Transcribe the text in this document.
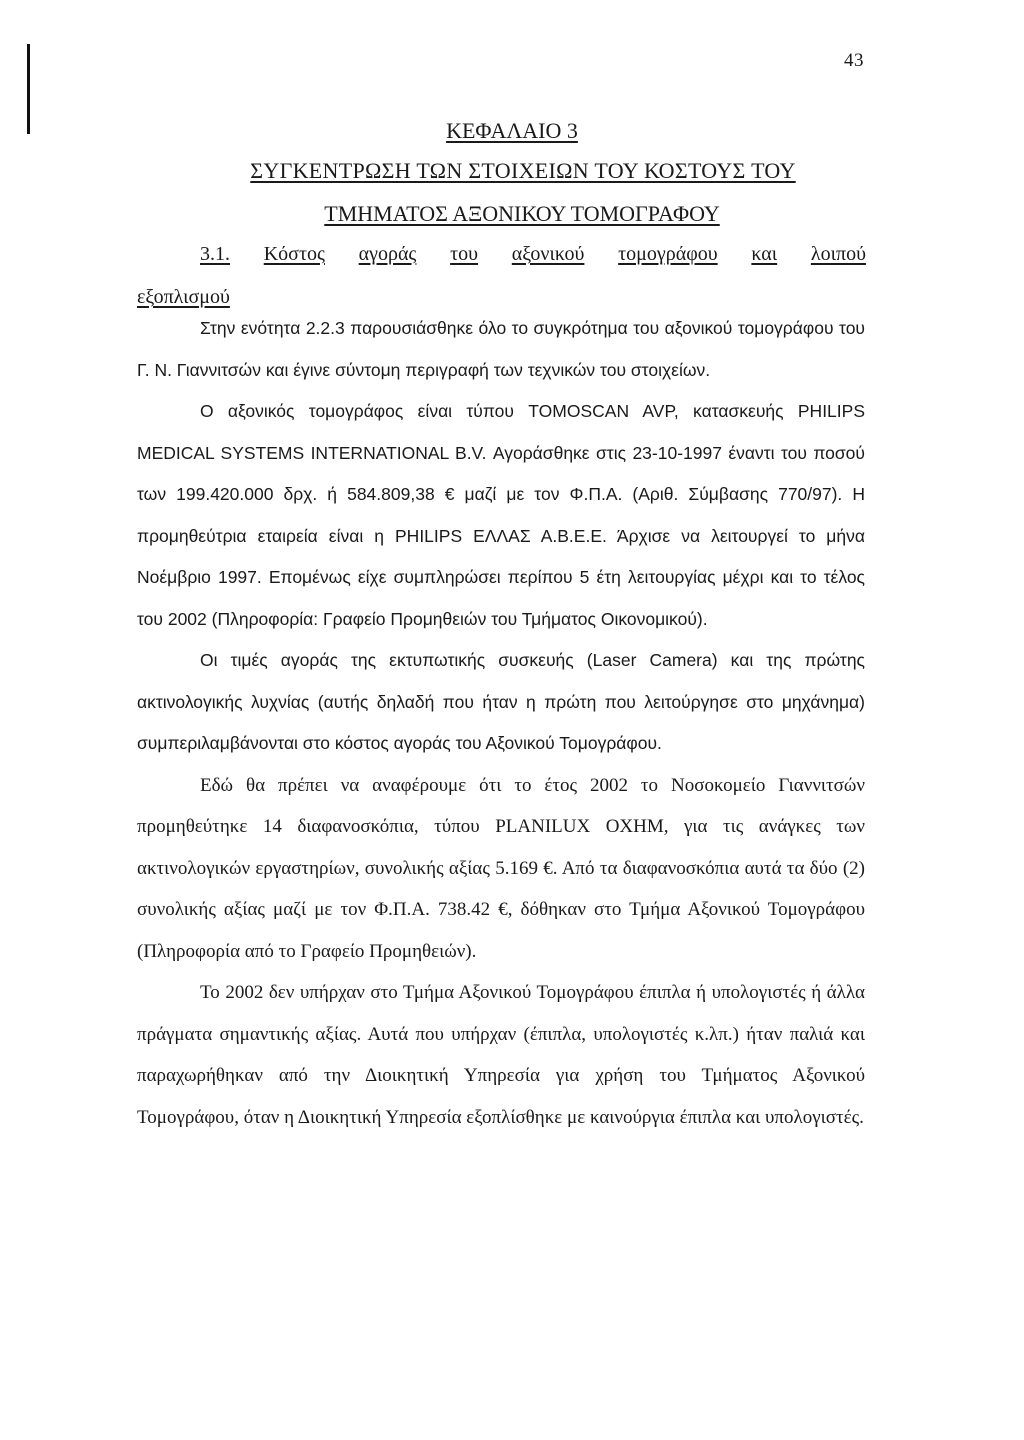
43
ΚΕΦΑΛΑΙΟ 3
ΣΥΓΚΕΝΤΡΩΣΗ ΤΩΝ ΣΤΟΙΧΕΙΩΝ ΤΟΥ ΚΟΣΤΟΥΣ ΤΟΥ
ΤΜΗΜΑΤΟΣ ΑΞΟΝΙΚΟΥ ΤΟΜΟΓΡΑΦΟΥ
3.1. Κόστος αγοράς του αξονικού τομογράφου και λοιπού
εξοπλισμού

Στην ενότητα 2.2.3 παρουσιάσθηκε όλο το συγκρότημα του αξονικού τομογράφου του Γ. Ν. Γιαννιτσών και έγινε σύντομη περιγραφή των τεχνικών του στοιχείων.

Ο αξονικός τομογράφος είναι τύπου TOMOSCAN AVP, κατασκευής PHILIPS MEDICAL SYSTEMS INTERNATIONAL B.V. Αγοράσθηκε στις 23-10-1997 έναντι του ποσού των 199.420.000 δρχ. ή 584.809,38 € μαζί με τον Φ.Π.Α. (Αριθ. Σύμβασης 770/97). Η προμηθεύτρια εταιρεία είναι η PHILIPS ΕΛΛΑΣ Α.Β.Ε.Ε. Άρχισε να λειτουργεί το μήνα Νοέμβριο 1997. Επομένως είχε συμπληρώσει περίπου 5 έτη λειτουργίας μέχρι και το τέλος του 2002 (Πληροφορία: Γραφείο Προμηθειών του Τμήματος Οικονομικού).

Οι τιμές αγοράς της εκτυπωτικής συσκευής (Laser Camera) και της πρώτης ακτινολογικής λυχνίας (αυτής δηλαδή που ήταν η πρώτη που λειτούργησε στο μηχάνημα) συμπεριλαμβάνονται στο κόστος αγοράς του Αξονικού Τομογράφου.

Εδώ θα πρέπει να αναφέρουμε ότι το έτος 2002 το Νοσοκομείο Γιαννιτσών προμηθεύτηκε 14 διαφανοσκόπια, τύπου PLANILUX OXHM, για τις ανάγκες των ακτινολογικών εργαστηρίων, συνολικής αξίας 5.169 €. Από τα διαφανοσκόπια αυτά τα δύο (2) συνολικής αξίας μαζί με τον Φ.Π.Α. 738.42 €, δόθηκαν στο Τμήμα Αξονικού Τομογράφου (Πληροφορία από το Γραφείο Προμηθειών).

Το 2002 δεν υπήρχαν στο Τμήμα Αξονικού Τομογράφου έπιπλα ή υπολογιστές ή άλλα πράγματα σημαντικής αξίας. Αυτά που υπήρχαν (έπιπλα, υπολογιστές κ.λπ.) ήταν παλιά και παραχωρήθηκαν από την Διοικητική Υπηρεσία για χρήση του Τμήματος Αξονικού Τομογράφου, όταν η Διοικητική Υπηρεσία εξοπλίσθηκε με καινούργια έπιπλα και υπολογιστές.
